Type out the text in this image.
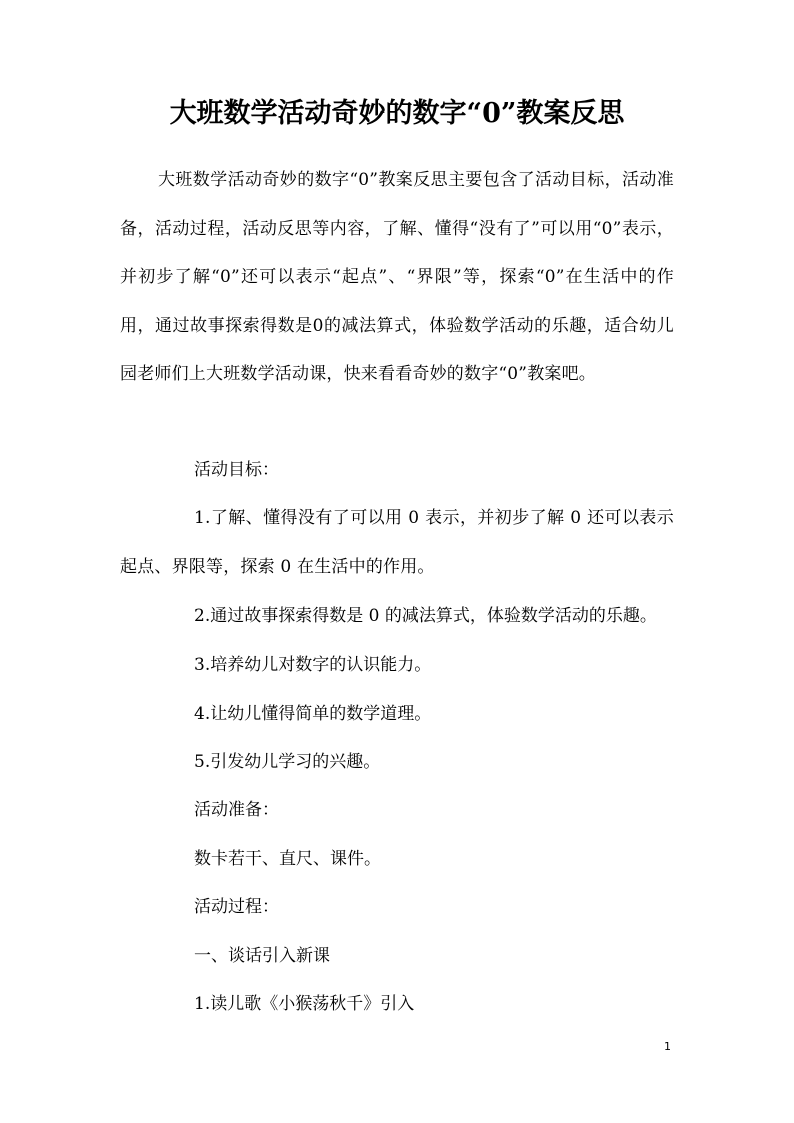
大班数学活动奇妙的数字“0”教案反思

大班数学活动奇妙的数字“0”教案反思主要包含了活动目标，活动准备，活动过程，活动反思等内容，了解、懂得“没有了”可以用“0”表示，并初步了解“0”还可以表示“起点”、“界限”等，探索“0”在生活中的作用，通过故事探索得数是0的减法算式，体验数学活动的乐趣，适合幼儿园老师们上大班数学活动课，快来看看奇妙的数字“0”教案吧。

活动目标：

1.了解、懂得没有了可以用 0 表示，并初步了解 0 还可以表示起点、界限等，探索 0 在生活中的作用。

2.通过故事探索得数是 0 的减法算式，体验数学活动的乐趣。

3.培养幼儿对数字的认识能力。

4.让幼儿懂得简单的数学道理。

5.引发幼儿学习的兴趣。

活动准备：

数卡若干、直尺、课件。

活动过程：

一、谈话引入新课

1.读儿歌《小猴荡秋千》引入

1
